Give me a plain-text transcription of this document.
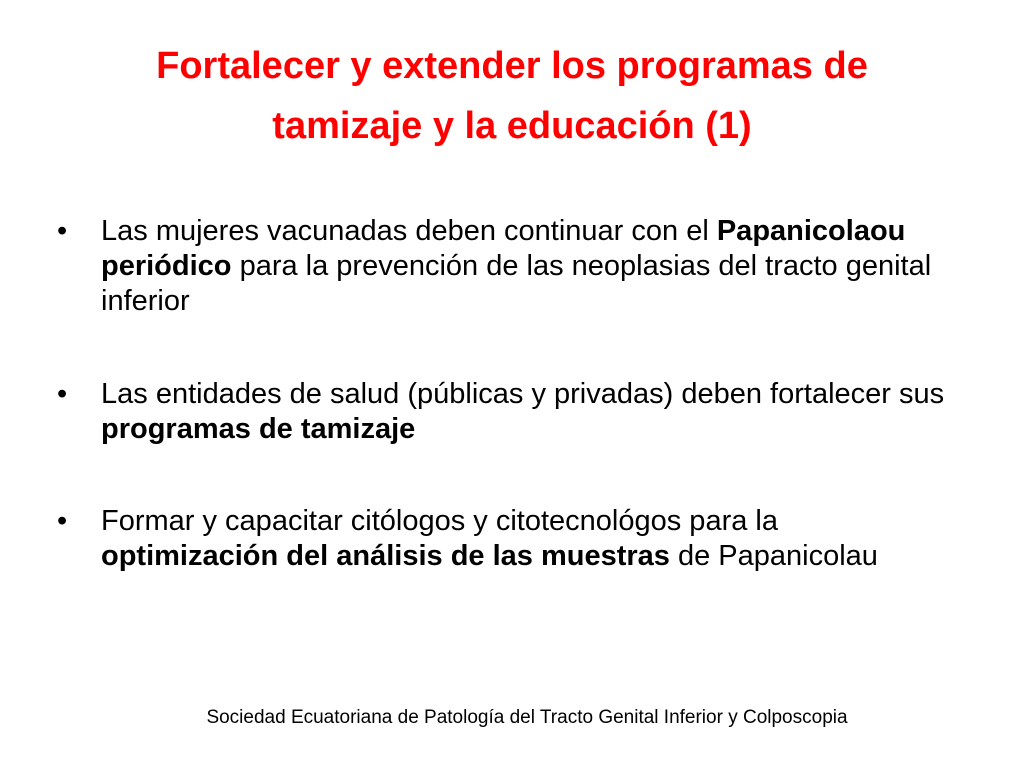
Fortalecer y extender los programas de
tamizaje y la educación (1)
•	Las mujeres vacunadas deben continuar con el Papanicolaou periódico para la prevención de las neoplasias del tracto genital inferior
•	Las entidades de salud (públicas y privadas) deben fortalecer sus programas de tamizaje
•	Formar y capacitar citólogos y citotecnológos para la optimización del análisis de las muestras de Papanicolau
Sociedad Ecuatoriana de Patología del Tracto Genital Inferior y Colposcopia
